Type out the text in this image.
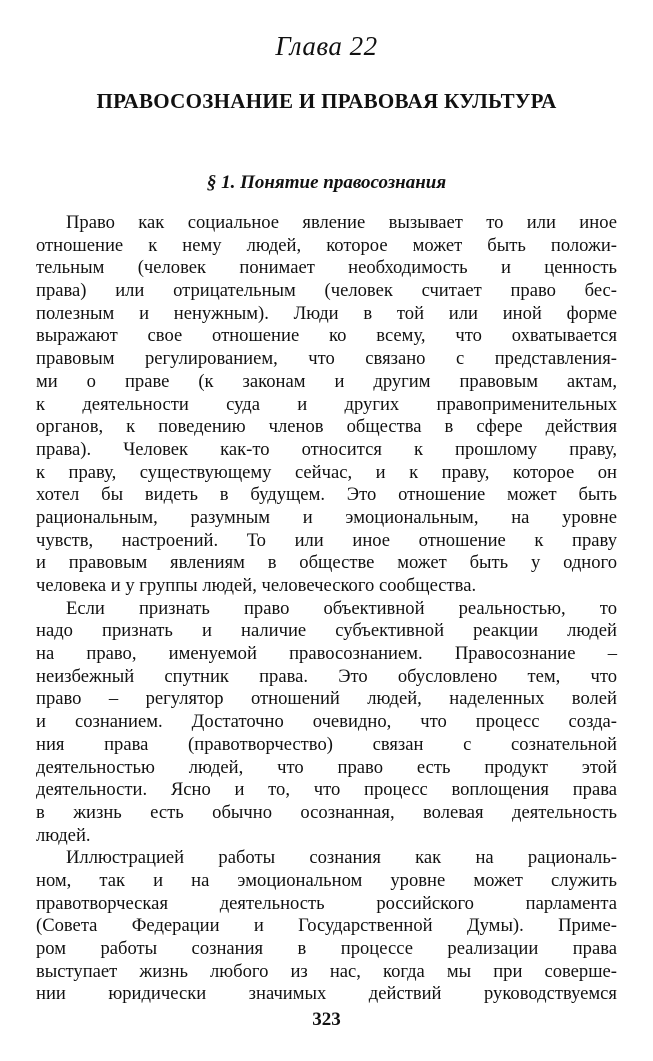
Глава 22
ПРАВОСОЗНАНИЕ И ПРАВОВАЯ КУЛЬТУРА
§ 1. Понятие правосознания
Право как социальное явление вызывает то или иное
отношение к нему людей, которое может быть положи-
тельным (человек понимает необходимость и ценность
права) или отрицательным (человек считает право бес-
полезным и ненужным). Люди в той или иной форме
выражают свое отношение ко всему, что охватывается
правовым регулированием, что связано с представления-
ми о праве (к законам и другим правовым актам,
к деятельности суда и других правоприменительных
органов, к поведению членов общества в сфере действия
права). Человек как-то относится к прошлому праву,
к праву, существующему сейчас, и к праву, которое он
хотел бы видеть в будущем. Это отношение может быть
рациональным, разумным и эмоциональным, на уровне
чувств, настроений. То или иное отношение к праву
и правовым явлениям в обществе может быть у одного
человека и у группы людей, человеческого сообщества.
Если признать право объективной реальностью, то
надо признать и наличие субъективной реакции людей
на право, именуемой правосознанием. Правосознание –
неизбежный спутник права. Это обусловлено тем, что
право – регулятор отношений людей, наделенных волей
и сознанием. Достаточно очевидно, что процесс созда-
ния права (правотворчество) связан с сознательной
деятельностью людей, что право есть продукт этой
деятельности. Ясно и то, что процесс воплощения права
в жизнь есть обычно осознанная, волевая деятельность
людей.
Иллюстрацией работы сознания как на рациональ-
ном, так и на эмоциональном уровне может служить
правотворческая деятельность российского парламента
(Совета Федерации и Государственной Думы). Приме-
ром работы сознания в процессе реализации права
выступает жизнь любого из нас, когда мы при соверше-
нии юридически значимых действий руководствуемся
323
